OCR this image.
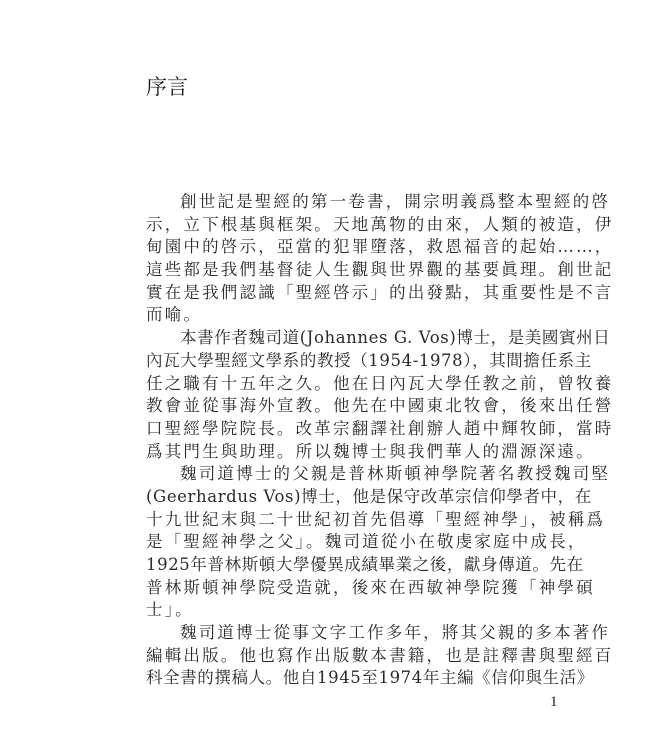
序言
創世記是聖經的第一卷書，開宗明義爲整本聖經的啓
示，立下根基與框架。天地萬物的由來，人類的被造，伊
甸園中的啓示，亞當的犯罪墮落，救恩福音的起始……，
這些都是我們基督徒人生觀與世界觀的基要眞理。創世記
實在是我們認識「聖經啓示」的出發點，其重要性是不言
而喻。
本書作者魏司道(Johannes G. Vos)博士，是美國賓州日
內瓦大學聖經文學系的教授（1954-1978），其間擔任系主
任之職有十五年之久。他在日內瓦大學任教之前，曾牧養
教會並從事海外宣教。他先在中國東北牧會，後來出任營
口聖經學院院長。改革宗翻譯社創辦人趙中輝牧師，當時
爲其門生與助理。所以魏博士與我們華人的淵源深遠。
魏司道博士的父親是普林斯頓神學院著名教授魏司堅
(Geerhardus Vos)博士，他是保守改革宗信仰學者中，在
十九世紀末與二十世紀初首先倡導「聖經神學」，被稱爲
是「聖經神學之父」。魏司道從小在敬虔家庭中成長，
1925年普林斯頓大學優異成績畢業之後，獻身傳道。先在
普林斯頓神學院受造就，後來在西敏神學院獲「神學碩
士」。
魏司道博士從事文字工作多年，將其父親的多本著作
編輯出版。他也寫作出版數本書籍，也是註釋書與聖經百
科全書的撰稿人。他自1945至1974年主編《信仰與生活》
1
